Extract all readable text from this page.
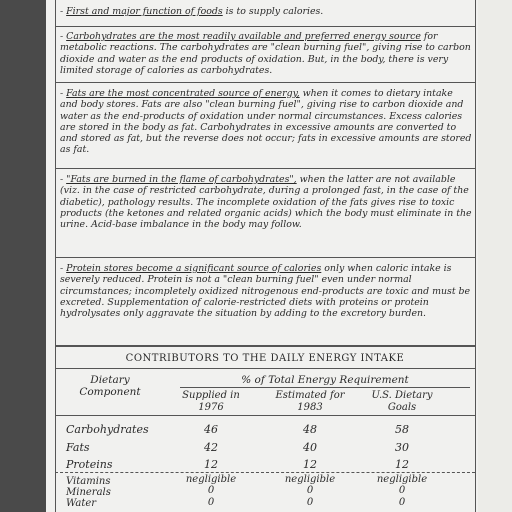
- First and major function of foods is to supply calories.

- Carbohydrates are the most readily available and preferred energy source for metabolic reactions. The carbohydrates are "clean burning fuel", giving rise to carbon dioxide and water as the end products of oxidation. But, in the body, there is very limited storage of calories as carbohydrates.

- Fats are the most concentrated source of energy, when it comes to dietary intake and body stores. Fats are also "clean burning fuel", giving rise to carbon dioxide and water as the end-products of oxidation under normal circumstances. Excess calories are stored in the body as fat. Carbohydrates in excessive amounts are converted to and stored as fat, but the reverse does not occur; fats in excessive amounts are stored as fat.

- "Fats are burned in the flame of carbohydrates", when the latter are not available (viz. in the case of restricted carbohydrate, during a prolonged fast, in the case of the diabetic), pathology results. The incomplete oxidation of the fats gives rise to toxic products (the ketones and related organic acids) which the body must eliminate in the urine. Acid-base imbalance in the body may follow.

- Protein stores become a significant source of calories only when caloric intake is severely reduced. Protein is not a "clean burning fuel" even under normal circumstances; incompletely oxidized nitrogenous end-products are toxic and must be excreted. Supplementation of calorie-restricted diets with proteins or protein hydrolysates only aggravate the situation by adding to the excretory burden.

CONTRIBUTORS TO THE DAILY ENERGY INTAKE
Dietary Component
% of Total Energy Requirement
Supplied in 1976
Estimated for 1983
U.S. Dietary Goals
Carbohydrates	46	48	58
Fats	42	40	30
Proteins	12	12	12
Vitamins	negligible	negligible	negligible
Minerals	0	0	0
Water	0	0	0
